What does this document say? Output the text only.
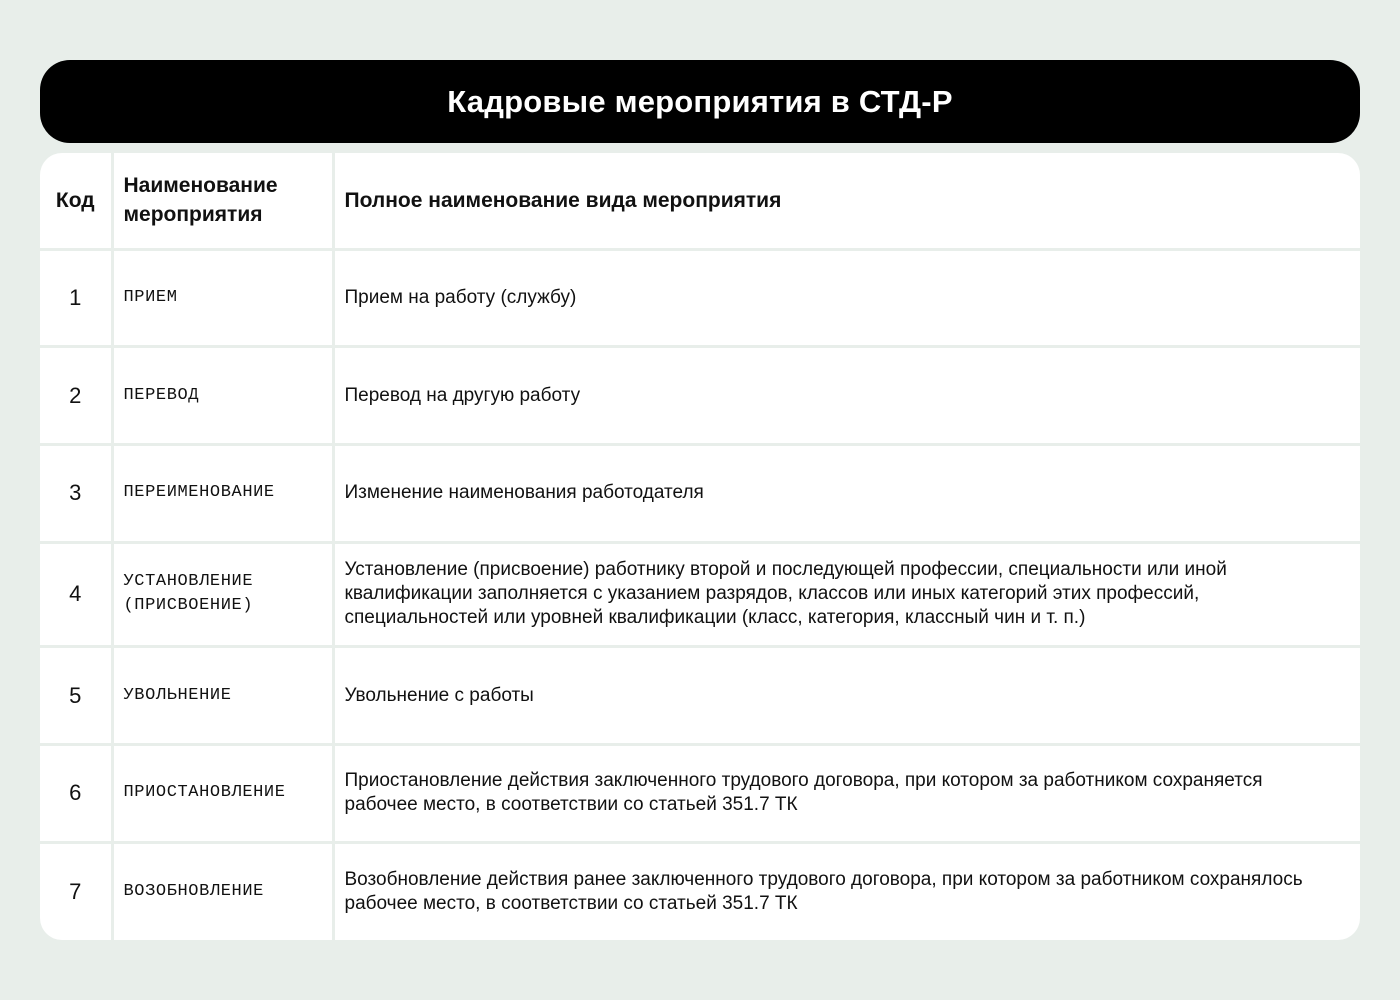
Кадровые мероприятия в СТД-Р
Код	Наименование мероприятия	Полное наименование вида мероприятия
1	ПРИЕМ	Прием на работу (службу)
2	ПЕРЕВОД	Перевод на другую работу
3	ПЕРЕИМЕНОВАНИЕ	Изменение наименования работодателя
4	УСТАНОВЛЕНИЕ (ПРИСВОЕНИЕ)	Установление (присвоение) работнику второй и последующей профессии, специальности или иной квалификации заполняется с указанием разрядов, классов или иных категорий этих профессий, специальностей или уровней квалификации (класс, категория, классный чин и т. п.)
5	УВОЛЬНЕНИЕ	Увольнение с работы
6	ПРИОСТАНОВЛЕНИЕ	Приостановление действия заключенного трудового договора, при котором за работником сохраняется рабочее место, в соответствии со статьей 351.7 ТК
7	ВОЗОБНОВЛЕНИЕ	Возобновление действия ранее заключенного трудового договора, при котором за работником сохранялось рабочее место, в соответствии со статьей 351.7 ТК
